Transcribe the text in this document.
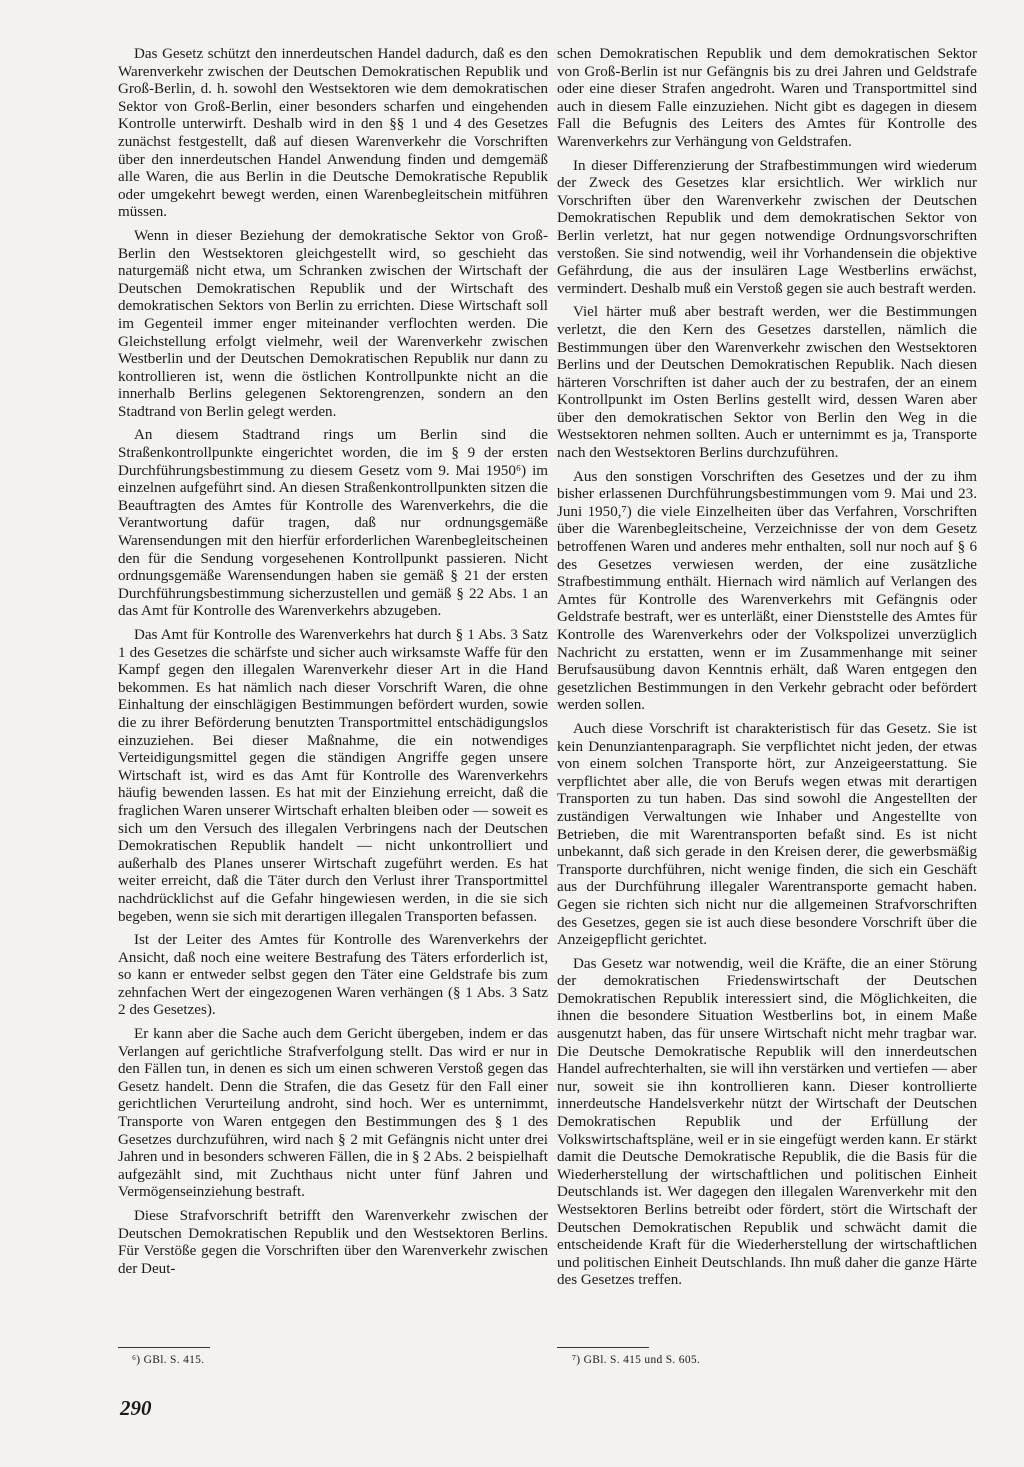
Das Gesetz schützt den innerdeutschen Handel dadurch, daß es den Warenverkehr zwischen der Deutschen Demokratischen Republik und Groß-Berlin, d. h. sowohl den Westsektoren wie dem demokratischen Sektor von Groß-Berlin, einer besonders scharfen und eingehenden Kontrolle unterwirft. Deshalb wird in den §§ 1 und 4 des Gesetzes zunächst festgestellt, daß auf diesen Warenverkehr die Vorschriften über den innerdeutschen Handel Anwendung finden und demgemäß alle Waren, die aus Berlin in die Deutsche Demokratische Republik oder umgekehrt bewegt werden, einen Warenbegleitschein mitführen müssen.

Wenn in dieser Beziehung der demokratische Sektor von Groß-Berlin den Westsektoren gleichgestellt wird, so geschieht das naturgemäß nicht etwa, um Schranken zwischen der Wirtschaft der Deutschen Demokratischen Republik und der Wirtschaft des demokratischen Sektors von Berlin zu errichten. Diese Wirtschaft soll im Gegenteil immer enger miteinander verflochten werden. Die Gleichstellung erfolgt vielmehr, weil der Warenverkehr zwischen Westberlin und der Deutschen Demokratischen Republik nur dann zu kontrollieren ist, wenn die östlichen Kontrollpunkte nicht an die innerhalb Berlins gelegenen Sektorengrenzen, sondern an den Stadtrand von Berlin gelegt werden.

An diesem Stadtrand rings um Berlin sind die Straßenkontrollpunkte eingerichtet worden, die im § 9 der ersten Durchführungsbestimmung zu diesem Gesetz vom 9. Mai 1950⁶) im einzelnen aufgeführt sind. An diesen Straßenkontrollpunkten sitzen die Beauftragten des Amtes für Kontrolle des Warenverkehrs, die die Verantwortung dafür tragen, daß nur ordnungsgemäße Warensendungen mit den hierfür erforderlichen Warenbegleitscheinen den für die Sendung vorgesehenen Kontrollpunkt passieren. Nicht ordnungsgemäße Warensendungen haben sie gemäß § 21 der ersten Durchführungsbestimmung sicherzustellen und gemäß § 22 Abs. 1 an das Amt für Kontrolle des Warenverkehrs abzugeben.

Das Amt für Kontrolle des Warenverkehrs hat durch § 1 Abs. 3 Satz 1 des Gesetzes die schärfste und sicher auch wirksamste Waffe für den Kampf gegen den illegalen Warenverkehr dieser Art in die Hand bekommen. Es hat nämlich nach dieser Vorschrift Waren, die ohne Einhaltung der einschlägigen Bestimmungen befördert wurden, sowie die zu ihrer Beförderung benutzten Transportmittel entschädigungslos einzuziehen. Bei dieser Maßnahme, die ein notwendiges Verteidigungsmittel gegen die ständigen Angriffe gegen unsere Wirtschaft ist, wird es das Amt für Kontrolle des Warenverkehrs häufig bewenden lassen. Es hat mit der Einziehung erreicht, daß die fraglichen Waren unserer Wirtschaft erhalten bleiben oder — soweit es sich um den Versuch des illegalen Verbringens nach der Deutschen Demokratischen Republik handelt — nicht unkontrolliert und außerhalb des Planes unserer Wirtschaft zugeführt werden. Es hat weiter erreicht, daß die Täter durch den Verlust ihrer Transportmittel nachdrücklichst auf die Gefahr hingewiesen werden, in die sie sich begeben, wenn sie sich mit derartigen illegalen Transporten befassen.

Ist der Leiter des Amtes für Kontrolle des Warenverkehrs der Ansicht, daß noch eine weitere Bestrafung des Täters erforderlich ist, so kann er entweder selbst gegen den Täter eine Geldstrafe bis zum zehnfachen Wert der eingezogenen Waren verhängen (§ 1 Abs. 3 Satz 2 des Gesetzes).

Er kann aber die Sache auch dem Gericht übergeben, indem er das Verlangen auf gerichtliche Strafverfolgung stellt. Das wird er nur in den Fällen tun, in denen es sich um einen schweren Verstoß gegen das Gesetz handelt. Denn die Strafen, die das Gesetz für den Fall einer gerichtlichen Verurteilung androht, sind hoch. Wer es unternimmt, Transporte von Waren entgegen den Bestimmungen des § 1 des Gesetzes durchzuführen, wird nach § 2 mit Gefängnis nicht unter drei Jahren und in besonders schweren Fällen, die in § 2 Abs. 2 beispielhaft aufgezählt sind, mit Zuchthaus nicht unter fünf Jahren und Vermögenseinziehung bestraft.

Diese Strafvorschrift betrifft den Warenverkehr zwischen der Deutschen Demokratischen Republik und den Westsektoren Berlins. Für Verstöße gegen die Vorschriften über den Warenverkehr zwischen der Deut-

schen Demokratischen Republik und dem demokratischen Sektor von Groß-Berlin ist nur Gefängnis bis zu drei Jahren und Geldstrafe oder eine dieser Strafen angedroht. Waren und Transportmittel sind auch in diesem Falle einzuziehen. Nicht gibt es dagegen in diesem Fall die Befugnis des Leiters des Amtes für Kontrolle des Warenverkehrs zur Verhängung von Geldstrafen.

In dieser Differenzierung der Strafbestimmungen wird wiederum der Zweck des Gesetzes klar ersichtlich. Wer wirklich nur Vorschriften über den Warenverkehr zwischen der Deutschen Demokratischen Republik und dem demokratischen Sektor von Berlin verletzt, hat nur gegen notwendige Ordnungsvorschriften verstoßen. Sie sind notwendig, weil ihr Vorhandensein die objektive Gefährdung, die aus der insulären Lage Westberlins erwächst, vermindert. Deshalb muß ein Verstoß gegen sie auch bestraft werden.

Viel härter muß aber bestraft werden, wer die Bestimmungen verletzt, die den Kern des Gesetzes darstellen, nämlich die Bestimmungen über den Warenverkehr zwischen den Westsektoren Berlins und der Deutschen Demokratischen Republik. Nach diesen härteren Vorschriften ist daher auch der zu bestrafen, der an einem Kontrollpunkt im Osten Berlins gestellt wird, dessen Waren aber über den demokratischen Sektor von Berlin den Weg in die Westsektoren nehmen sollten. Auch er unternimmt es ja, Transporte nach den Westsektoren Berlins durchzuführen.

Aus den sonstigen Vorschriften des Gesetzes und der zu ihm bisher erlassenen Durchführungsbestimmungen vom 9. Mai und 23. Juni 1950,⁷) die viele Einzelheiten über das Verfahren, Vorschriften über die Warenbegleitscheine, Verzeichnisse der von dem Gesetz betroffenen Waren und anderes mehr enthalten, soll nur noch auf § 6 des Gesetzes verwiesen werden, der eine zusätzliche Strafbestimmung enthält. Hiernach wird nämlich auf Verlangen des Amtes für Kontrolle des Warenverkehrs mit Gefängnis oder Geldstrafe bestraft, wer es unterläßt, einer Dienststelle des Amtes für Kontrolle des Warenverkehrs oder der Volkspolizei unverzüglich Nachricht zu erstatten, wenn er im Zusammenhange mit seiner Berufsausübung davon Kenntnis erhält, daß Waren entgegen den gesetzlichen Bestimmungen in den Verkehr gebracht oder befördert werden sollen.

Auch diese Vorschrift ist charakteristisch für das Gesetz. Sie ist kein Denunziantenparagraph. Sie verpflichtet nicht jeden, der etwas von einem solchen Transporte hört, zur Anzeigeerstattung. Sie verpflichtet aber alle, die von Berufs wegen etwas mit derartigen Transporten zu tun haben. Das sind sowohl die Angestellten der zuständigen Verwaltungen wie Inhaber und Angestellte von Betrieben, die mit Warentransporten befaßt sind. Es ist nicht unbekannt, daß sich gerade in den Kreisen derer, die gewerbsmäßig Transporte durchführen, nicht wenige finden, die sich ein Geschäft aus der Durchführung illegaler Warentransporte gemacht haben. Gegen sie richten sich nicht nur die allgemeinen Strafvorschriften des Gesetzes, gegen sie ist auch diese besondere Vorschrift über die Anzeigepflicht gerichtet.

Das Gesetz war notwendig, weil die Kräfte, die an einer Störung der demokratischen Friedenswirtschaft der Deutschen Demokratischen Republik interessiert sind, die Möglichkeiten, die ihnen die besondere Situation Westberlins bot, in einem Maße ausgenutzt haben, das für unsere Wirtschaft nicht mehr tragbar war. Die Deutsche Demokratische Republik will den innerdeutschen Handel aufrechterhalten, sie will ihn verstärken und vertiefen — aber nur, soweit sie ihn kontrollieren kann. Dieser kontrollierte innerdeutsche Handelsverkehr nützt der Wirtschaft der Deutschen Demokratischen Republik und der Erfüllung der Volkswirtschaftspläne, weil er in sie eingefügt werden kann. Er stärkt damit die Deutsche Demokratische Republik, die die Basis für die Wiederherstellung der wirtschaftlichen und politischen Einheit Deutschlands ist. Wer dagegen den illegalen Warenverkehr mit den Westsektoren Berlins betreibt oder fördert, stört die Wirtschaft der Deutschen Demokratischen Republik und schwächt damit die entscheidende Kraft für die Wiederherstellung der wirtschaftlichen und politischen Einheit Deutschlands. Ihn muß daher die ganze Härte des Gesetzes treffen.

⁶) GBl. S. 415.	⁷) GBl. S. 415 und S. 605.
290
